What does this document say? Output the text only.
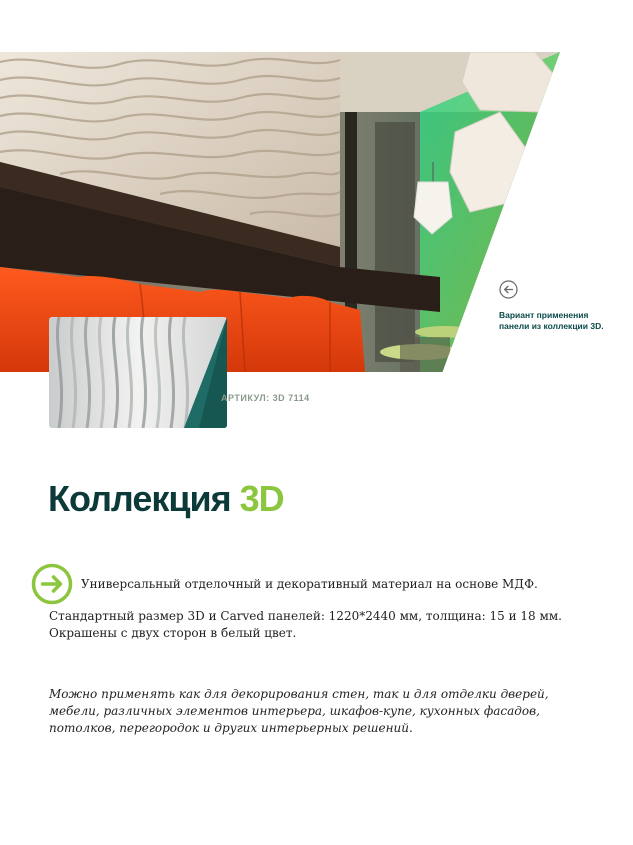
Вариант применения панели из коллекции 3D.
АРТИКУЛ: 3D 7114
Коллекция 3D
Универсальный отделочный и декоративный материал на основе МДФ.
Стандартный размер 3D и Carved панелей: 1220*2440 мм, толщина: 15 и 18 мм.
Окрашены с двух сторон в белый цвет.
Можно применять как для декорирования стен, так и для отделки дверей, мебели, различных элементов интерьера, шкафов-купе, кухонных фасадов, потолков, перегородок и других интерьерных решений.
